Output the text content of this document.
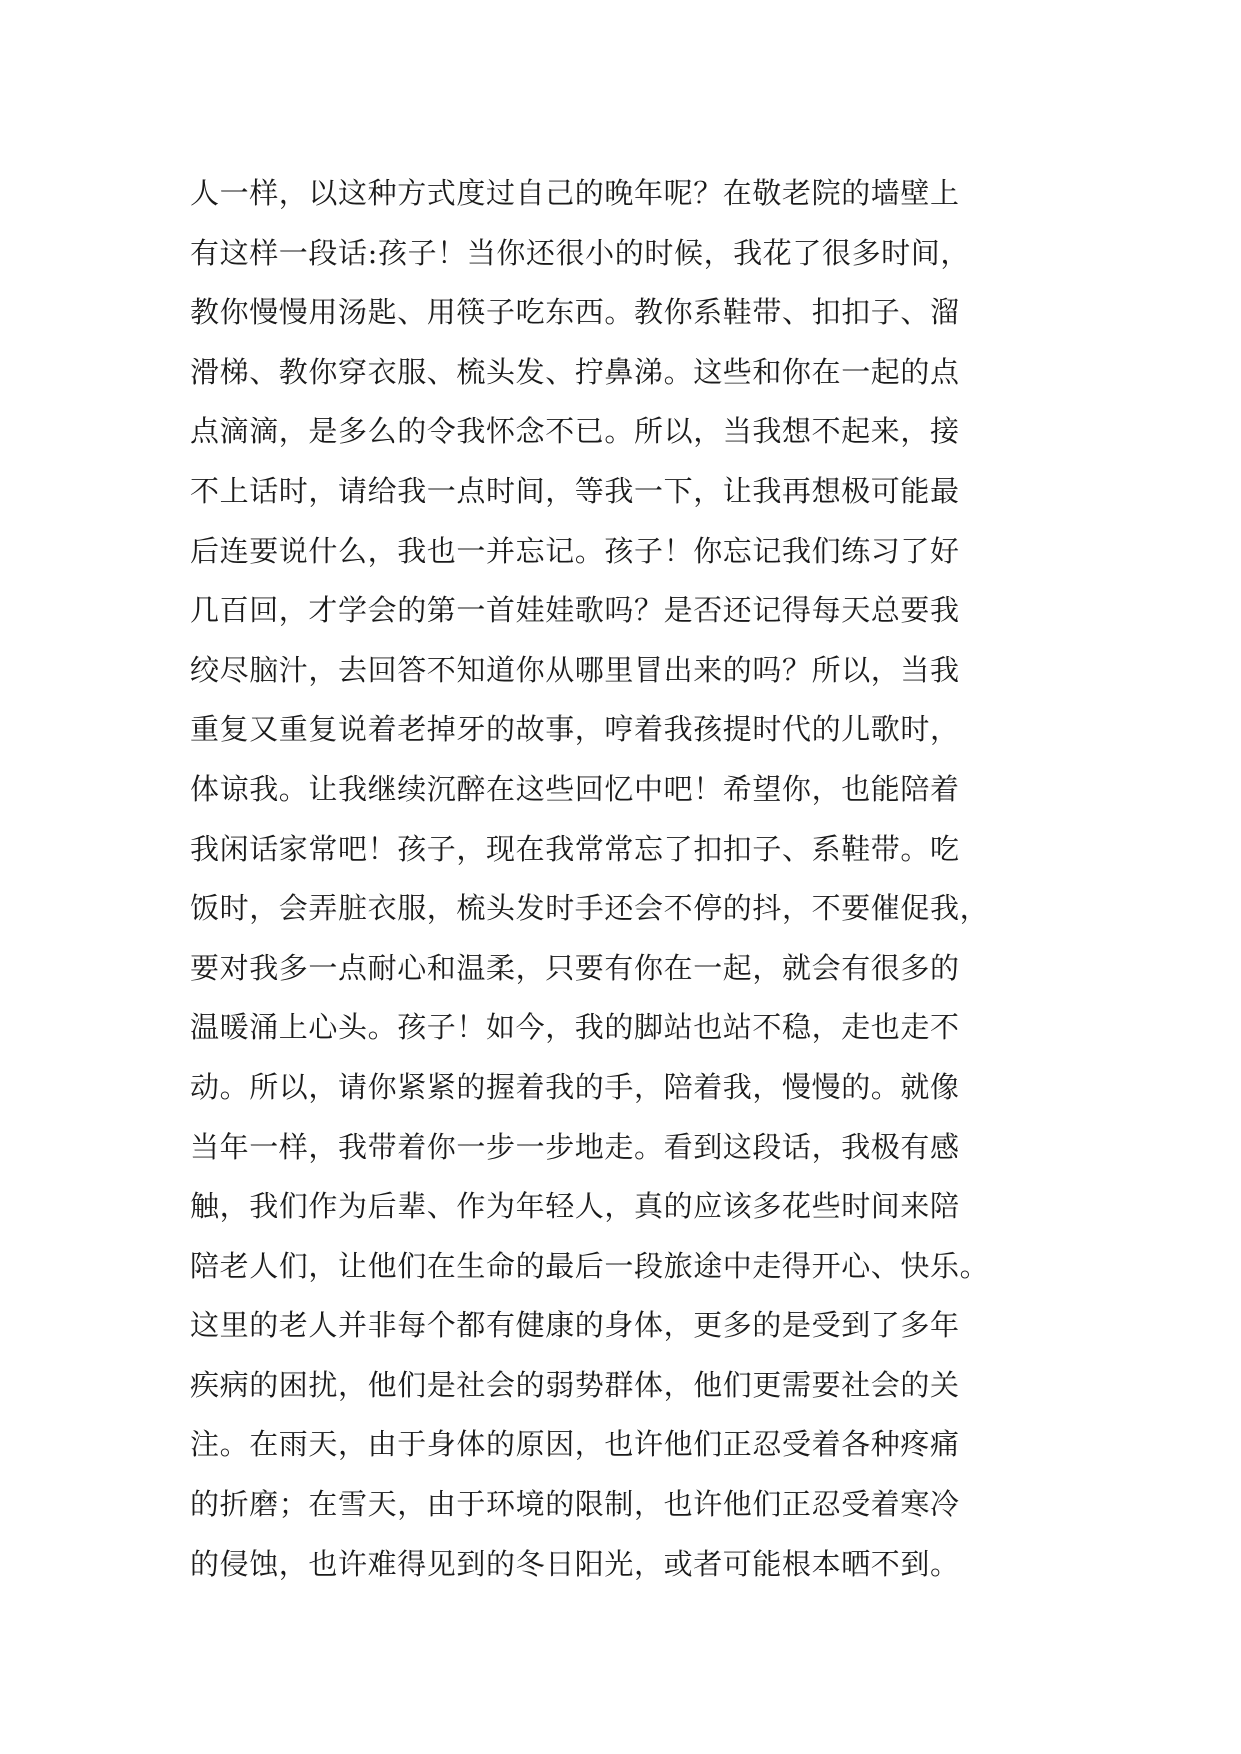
人一样，以这种方式度过自己的晚年呢？在敬老院的墙壁上
有这样一段话:孩子！当你还很小的时候，我花了很多时间，
教你慢慢用汤匙、用筷子吃东西。教你系鞋带、扣扣子、溜
滑梯、教你穿衣服、梳头发、拧鼻涕。这些和你在一起的点
点滴滴，是多么的令我怀念不已。所以，当我想不起来，接
不上话时，请给我一点时间，等我一下，让我再想极可能最
后连要说什么，我也一并忘记。孩子！你忘记我们练习了好
几百回，才学会的第一首娃娃歌吗？是否还记得每天总要我
绞尽脑汁，去回答不知道你从哪里冒出来的吗？所以，当我
重复又重复说着老掉牙的故事，哼着我孩提时代的儿歌时，
体谅我。让我继续沉醉在这些回忆中吧！希望你，也能陪着
我闲话家常吧！孩子，现在我常常忘了扣扣子、系鞋带。吃
饭时，会弄脏衣服，梳头发时手还会不停的抖，不要催促我，
要对我多一点耐心和温柔，只要有你在一起，就会有很多的
温暖涌上心头。孩子！如今，我的脚站也站不稳，走也走不
动。所以，请你紧紧的握着我的手，陪着我，慢慢的。就像
当年一样，我带着你一步一步地走。看到这段话，我极有感
触，我们作为后辈、作为年轻人，真的应该多花些时间来陪
陪老人们，让他们在生命的最后一段旅途中走得开心、快乐。
这里的老人并非每个都有健康的身体，更多的是受到了多年
疾病的困扰，他们是社会的弱势群体，他们更需要社会的关
注。在雨天，由于身体的原因，也许他们正忍受着各种疼痛
的折磨；在雪天，由于环境的限制，也许他们正忍受着寒冷
的侵蚀，也许难得见到的冬日阳光，或者可能根本晒不到。
